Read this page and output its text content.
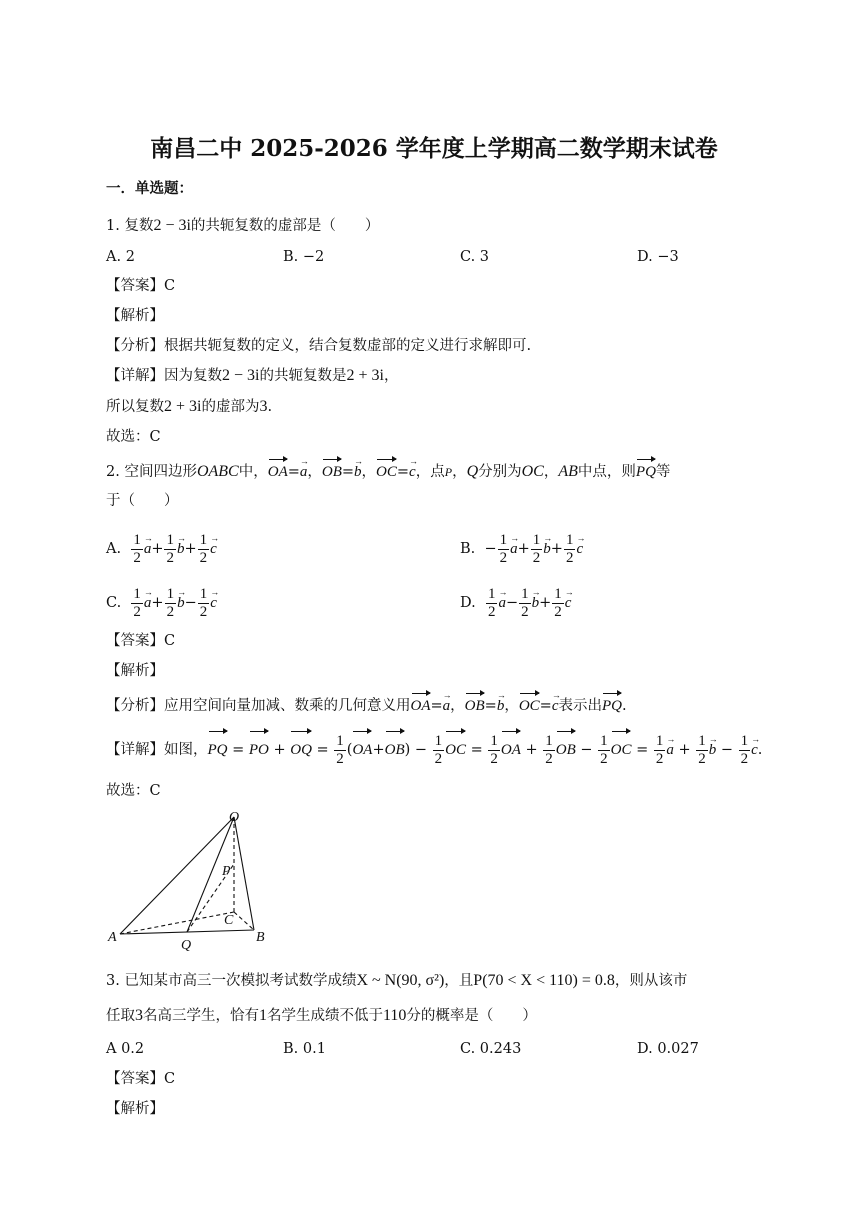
南昌二中 2025-2026 学年度上学期高二数学期末试卷
一．单选题：
1. 复数2 − 3i的共轭复数的虚部是（　　）
A. 2	B. −2	C. 3	D. −3
【答案】C
【解析】
【分析】根据共轭复数的定义，结合复数虚部的定义进行求解即可.
【详解】因为复数2 − 3i的共轭复数是2 + 3i，
所以复数2 + 3i的虚部为3.
故选：C
2. 空间四边形OABC中，OA=a →，OB=b →，OC=c →，点P，Q分别为OC，AB中点，则PQ等
于（　　）
A. $\frac{1}{2}$ $a \to+ \frac{1}{2}$ $b \to+ \frac{1}{2}$ c →	B.  − $\frac{1}{2}$ $a \to+ \frac{1}{2}$ $b \to+ \frac{1}{2}$ c →
C. $\frac{1}{2}$ $a \to+ \frac{1}{2}$ $b \to- \frac{1}{2}$ c →	D. $\frac{1}{2}$ $a \to- \frac{1}{2}$ $b \to+ \frac{1}{2}$ c →
【答案】C
【解析】
【分析】应用空间向量加减、数乘的几何意义用OA=a →，OB=b →，OC=c →表示出PQ.
【详解】如图，PQ = PO + OQ = $\frac{1}{2} (OA+OB) - \frac{1}{2}$ OC = $\frac{1}{2}$ OA + $\frac{1}{2}$ OB − $\frac{1}{2}$ OC = $\frac{1}{2}$ a → + $\frac{1}{2}$ b → − $\frac{1}{2}$ c →.
故选：C
O
P
C
A
Q
B
3. 已知某市高三一次模拟考试数学成绩X ~ N(90, σ²)，且P(70 < X < 110) = 0.8，则从该市
任取3名高三学生，恰有1名学生成绩不低于110分的概率是（　　）
A 0.2	B. 0.1	C. 0.243	D. 0.027
【答案】C
【解析】
